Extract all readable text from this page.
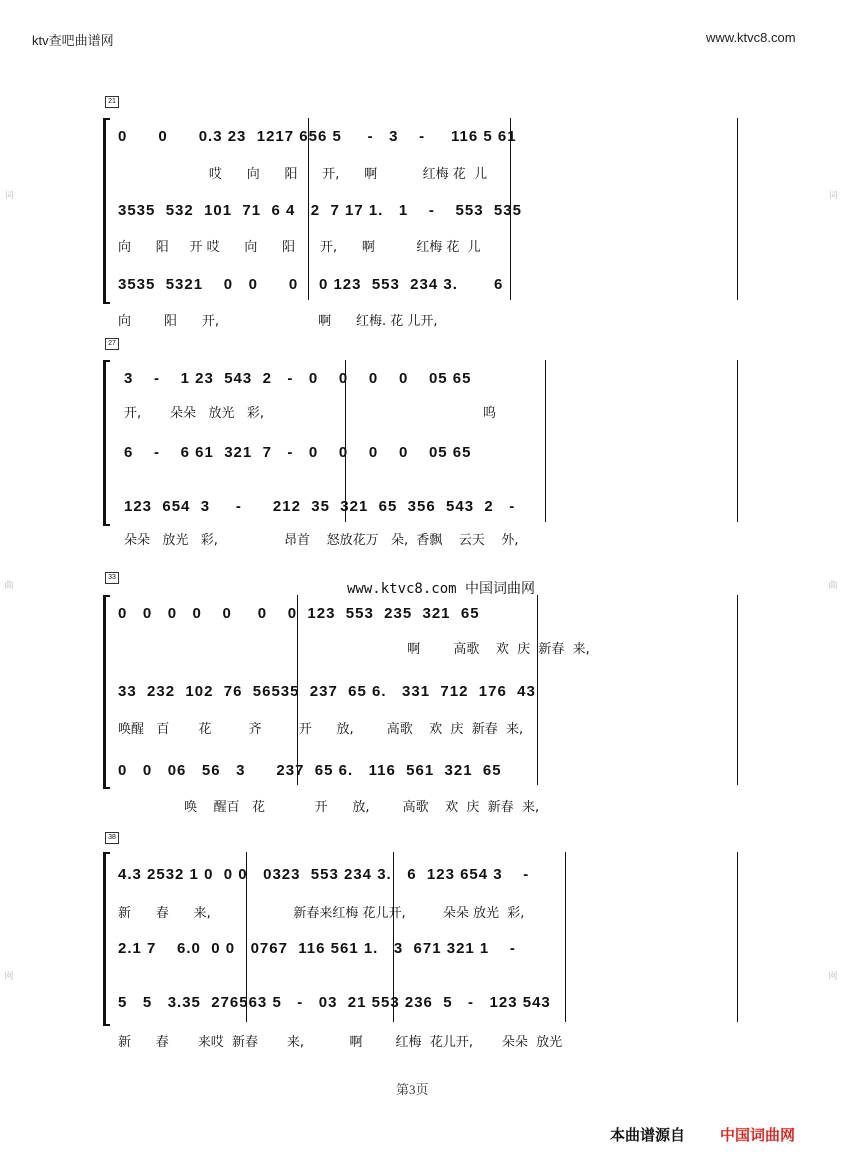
词
曲
网
词
曲
网
ktv查吧曲谱网	www.ktvc8.com
21
0      0      0.3 23  1217 656 5     -   3    -     116 5 61
哎      向      阳      开,      啊           红梅 花  儿
3535  532  101  71  6 4   2  7 17 1.   1    -    553  535
向      阳     开 哎      向      阳      开,      啊          红梅 花  儿
3535  5321    0   0      0    0 123  553  234 3.       6
向        阳      开,                        啊      红梅. 花 儿开,
27
3    -    1 23  543  2   -   0    0    0    0    05 65
开,       朵朵   放光   彩,                                                     呜
6    -    6 61  321  7   -   0    0    0    0    05 65
123  654  3     -      212  35  321  65  356  543  2   -
朵朵   放光   彩,                昂首    怒放花万   朵,  香飘    云天    外,
www.ktvc8.com 中国词曲网
33
0   0   0   0    0     0    0  123  553  235  321  65
啊        高歌    欢  庆  新春  来,
33  232  102  76  56535  237  65 6.   331  712  176  43
唤醒   百       花         齐         开      放,        高歌    欢  庆  新春  来,
0   0   06   56   3      237  65 6.   116  561  321  65
唤    醒百   花            开      放,        高歌    欢  庆  新春  来,
38
4.3 2532 1 0  0 0   0323  553 234 3.   6  123 654 3    -
新      春      来,                    新春来红梅 花儿开,         朵朵 放光  彩,
2.1 7    6.0  0 0   0767  116 561 1.   3  671 321 1    -
5   5   3.35  276563 5   -   03  21 553 236  5   -   123 543
新      春       来哎  新春       来,           啊        红梅  花儿开,       朵朵  放光
第3页
本曲谱源自 中国词曲网
